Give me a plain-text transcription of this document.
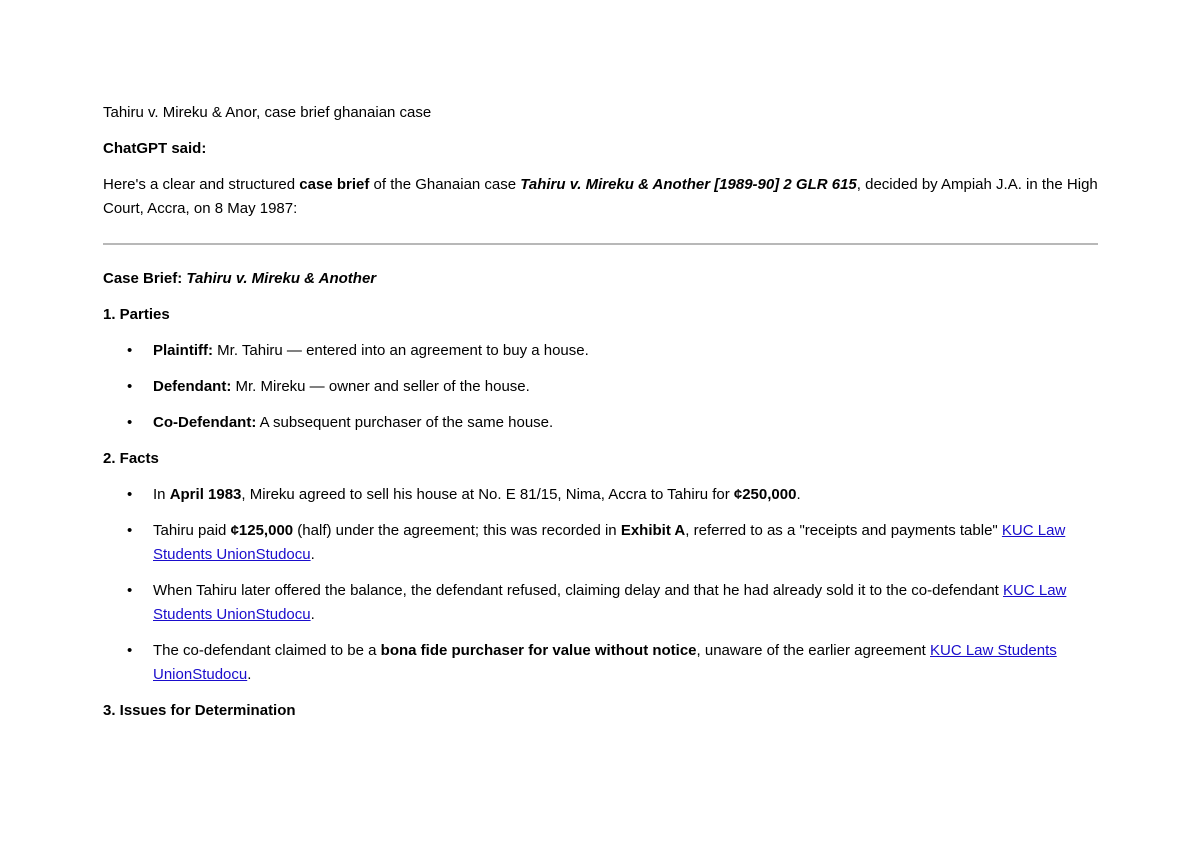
Tahiru v. Mireku & Anor, case brief ghanaian case

ChatGPT said:

Here's a clear and structured case brief of the Ghanaian case Tahiru v. Mireku & Another [1989-90] 2 GLR 615, decided by Ampiah J.A. in the High Court, Accra, on 8 May 1987:

Case Brief: Tahiru v. Mireku & Another

1. Parties

• Plaintiff: Mr. Tahiru — entered into an agreement to buy a house.
• Defendant: Mr. Mireku — owner and seller of the house.
• Co-Defendant: A subsequent purchaser of the same house.

2. Facts

• In April 1983, Mireku agreed to sell his house at No. E 81/15, Nima, Accra to Tahiru for ¢250,000.
• Tahiru paid ¢125,000 (half) under the agreement; this was recorded in Exhibit A, referred to as a "receipts and payments table" KUC Law Students UnionStudocu.
• When Tahiru later offered the balance, the defendant refused, claiming delay and that he had already sold it to the co-defendant KUC Law Students UnionStudocu.
• The co-defendant claimed to be a bona fide purchaser for value without notice, unaware of the earlier agreement KUC Law Students UnionStudocu.

3. Issues for Determination
